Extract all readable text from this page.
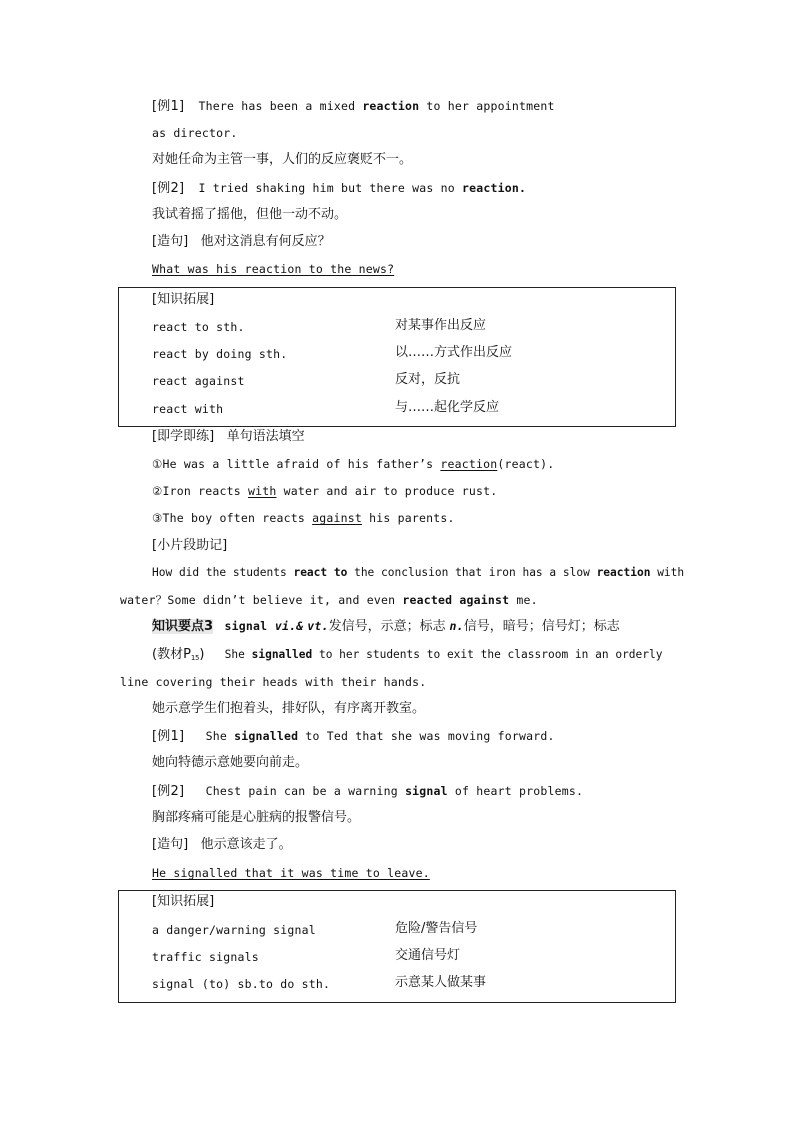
[例1] There has been a mixed reaction to her appointment
as director.
对她任命为主管一事，人们的反应褒贬不一。
[例2] I tried shaking him but there was no reaction.
我试着摇了摇他，但他一动不动。
[造句] 他对这消息有何反应？
What was his reaction to the news?
[知识拓展]
react to sth.	对某事作出反应
react by doing sth.	以……方式作出反应
react against	反对，反抗
react with	与……起化学反应
[即学即练] 单句语法填空
①He was a little afraid of his father’s reaction(react).
②Iron reacts with water and air to produce rust.
③The boy often reacts against his parents.
[小片段助记]
How did the students react to the conclusion that iron has a slow reaction with
water？Some didn’t believe it, and even reacted against me.
知识要点3 signal vi.& vt.发信号，示意；标志 n.信号，暗号；信号灯；标志
(教材$P_{15}$) She signalled to her students to exit the classroom in an orderly
line covering their heads with their hands.
她示意学生们抱着头，排好队，有序离开教室。
[例1] She signalled to Ted that she was moving forward.
她向特德示意她要向前走。
[例2] Chest pain can be a warning signal of heart problems.
胸部疼痛可能是心脏病的报警信号。
[造句] 他示意该走了。
He signalled that it was time to leave.
[知识拓展]
a danger/warning signal	危险/警告信号
traffic signals	交通信号灯
signal (to) sb.to do sth.	示意某人做某事
